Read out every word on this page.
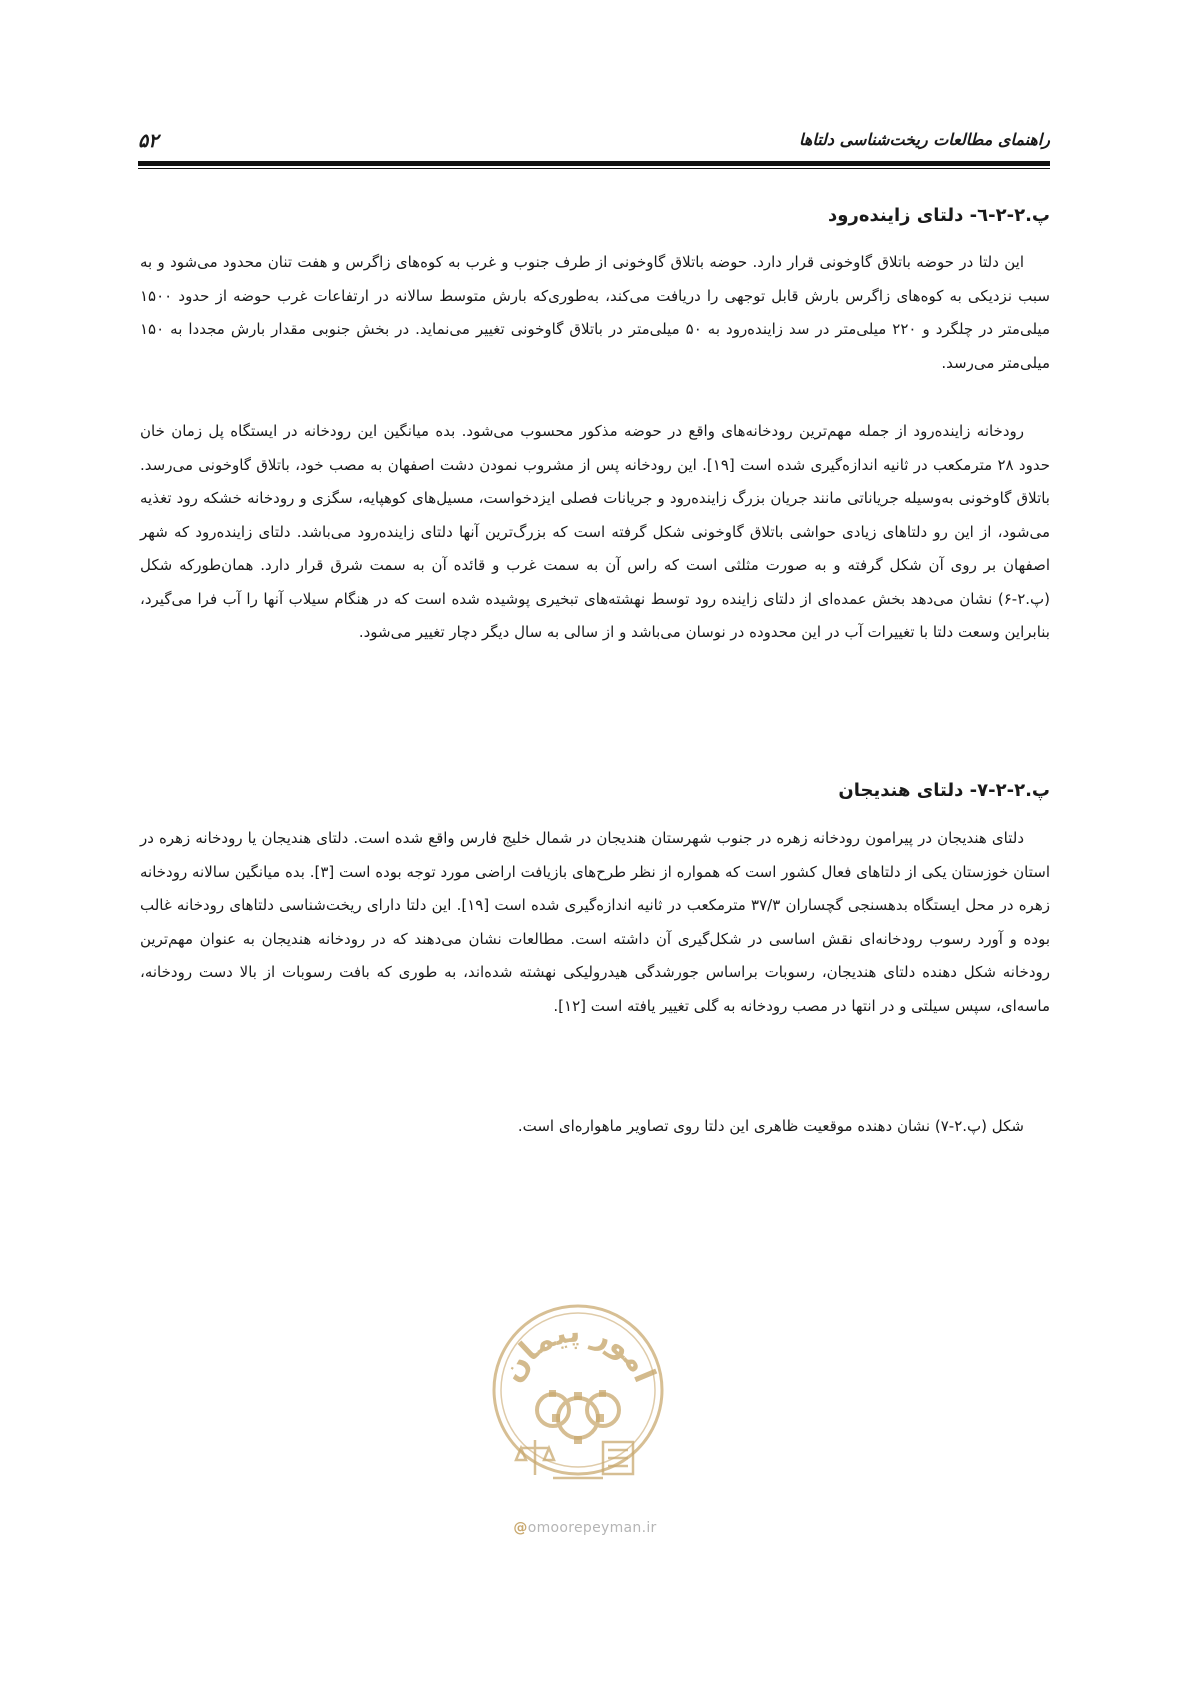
۵۲	راهنمای مطالعات ریخت‌شناسی دلتاها
پ.۲-۲-٦- دلتای زاینده‌رود
این دلتا در حوضه باتلاق گاوخونی قرار دارد. حوضه باتلاق گاوخونی از طرف جنوب و غرب به کوه‌های زاگرس و هفت تنان محدود می‌شود و به سبب نزدیکی به کوه‌های زاگرس بارش قابل توجهی را دریافت می‌کند، به‌طوری‌که بارش متوسط سالانه در ارتفاعات غرب حوضه از حدود ۱۵۰۰ میلی‌متر در چلگرد و ۲۲۰ میلی‌متر در سد زاینده‌رود به ۵۰ میلی‌متر در باتلاق گاوخونی تغییر می‌نماید. در بخش جنوبی مقدار بارش مجددا به ۱۵۰ میلی‌متر می‌رسد.
رودخانه زاینده‌رود از جمله مهم‌ترین رودخانه‌های واقع در حوضه مذکور محسوب می‌شود. بده میانگین این رودخانه در ایستگاه پل زمان خان حدود ۲۸ مترمکعب در ثانیه اندازه‌گیری شده است [۱۹]. این رودخانه پس از مشروب نمودن دشت اصفهان به مصب خود، باتلاق گاوخونی می‌رسد. باتلاق گاوخونی به‌وسیله جریاناتی مانند جریان بزرگ زاینده‌رود و جریانات فصلی ایزدخواست، مسیل‌های کوهپایه، سگزی و رودخانه خشکه رود تغذیه می‌شود، از این رو دلتاهای زیادی حواشی باتلاق گاوخونی شکل گرفته است که بزرگ‌ترین آنها دلتای زاینده‌رود می‌باشد. دلتای زاینده‌رود که شهر اصفهان بر روی آن شکل گرفته و به صورت مثلثی است که راس آن به سمت غرب و قائده آن به سمت شرق قرار دارد. همان‌طورکه شکل (پ.۲-۶) نشان می‌دهد بخش عمده‌ای از دلتای زاینده رود توسط نهشته‌های تبخیری پوشیده شده است که در هنگام سیلاب آنها را آب فرا می‌گیرد، بنابراین وسعت دلتا با تغییرات آب در این محدوده در نوسان می‌باشد و از سالی به سال دیگر دچار تغییر می‌شود.
پ.۲-۲-۷- دلتای هندیجان
دلتای هندیجان در پیرامون رودخانه زهره در جنوب شهرستان هندیجان در شمال خلیج فارس واقع شده است. دلتای هندیجان یا رودخانه زهره در استان خوزستان یکی از دلتاهای فعال کشور است که همواره از نظر طرح‌های بازیافت اراضی مورد توجه بوده است [۳]. بده میانگین سالانه رودخانه زهره در محل ایستگاه بدهسنجی گچساران ۳۷/۳ مترمکعب در ثانیه اندازه‌گیری شده است [۱۹]. این دلتا دارای ریخت‌شناسی دلتاهای رودخانه غالب بوده و آورد رسوب رودخانه‌ای نقش اساسی در شکل‌گیری آن داشته است. مطالعات نشان می‌دهند که در رودخانه هندیجان به عنوان مهم‌ترین رودخانه شکل دهنده دلتای هندیجان، رسوبات براساس جورشدگی هیدرولیکی نهشته شده‌اند، به طوری که بافت رسوبات از بالا دست رودخانه، ماسه‌ای، سپس سیلتی و در انتها در مصب رودخانه به گلی تغییر یافته است [۱۲].
شکل (پ.۲-۷) نشان دهنده موقعیت ظاهری این دلتا روی تصاویر ماهواره‌ای است.
امور پیمان
@omoorepeyman.ir
